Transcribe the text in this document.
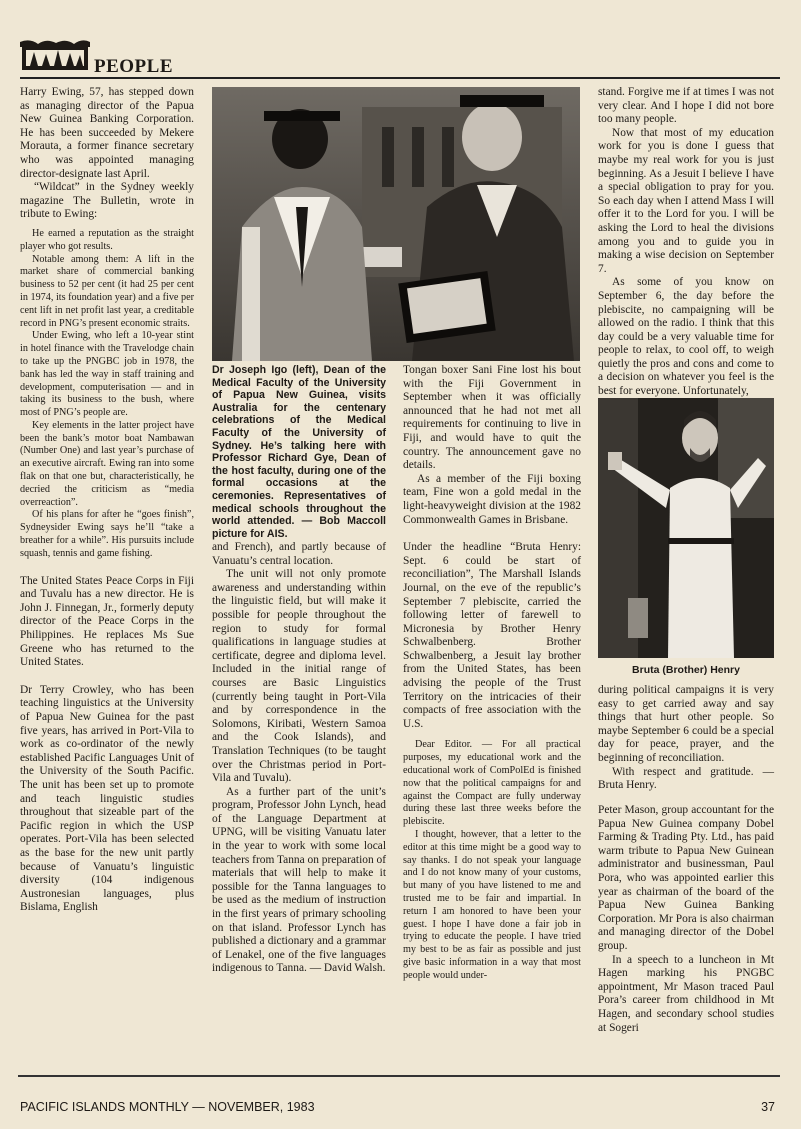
PEOPLE

Harry Ewing, 57, has stepped down as managing director of the Papua New Guinea Banking Corporation. He has been succeeded by Mekere Morauta, a former finance secretary who was appointed managing director-designate last April.

“Wildcat” in the Sydney weekly magazine The Bulletin, wrote in tribute to Ewing:

He earned a reputation as the straight player who got results.

Notable among them: A lift in the market share of commercial banking business to 52 per cent (it had 25 per cent in 1974, its foundation year) and a five per cent lift in net profit last year, a creditable record in PNG’s present economic straits.

Under Ewing, who left a 10-year stint in hotel finance with the Travelodge chain to take up the PNGBC job in 1978, the bank has led the way in staff training and development, computerisation — and in taking its business to the bush, where most of PNG’s people are.

Key elements in the latter project have been the bank’s motor boat Nambawan (Number One) and last year’s purchase of an executive aircraft. Ewing ran into some flak on that one but, characteristically, he decried the criticism as “media overreaction”.

Of his plans for after he “goes finish”, Sydneysider Ewing says he’ll “take a breather for a while”. His pursuits include squash, tennis and game fishing.

The United States Peace Corps in Fiji and Tuvalu has a new director. He is John J. Finnegan, Jr., formerly deputy director of the Peace Corps in the Philippines. He replaces Ms Sue Greene who has returned to the United States.

Dr Terry Crowley, who has been teaching linguistics at the University of Papua New Guinea for the past five years, has arrived in Port-Vila to work as co-ordinator of the newly established Pacific Languages Unit of the University of the South Pacific. The unit has been set up to promote and teach linguistic studies throughout that sizeable part of the Pacific region in which the USP operates. Port-Vila has been selected as the base for the new unit partly because of Vanuatu’s linguistic diversity (104 indigenous Austronesian languages, plus Bislama, English

Dr Joseph Igo (left), Dean of the Medical Faculty of the University of Papua New Guinea, visits Australia for the centenary celebrations of the Medical Faculty of the University of Sydney. He’s talking here with Professor Richard Gye, Dean of the host faculty, during one of the formal occasions at the ceremonies. Representatives of medical schools throughout the world attended. — Bob Maccoll picture for AIS.

and French), and partly because of Vanuatu’s central location.

The unit will not only promote awareness and understanding within the linguistic field, but will make it possible for people throughout the region to study for formal qualifications in language studies at certificate, degree and diploma level. Included in the initial range of courses are Basic Linguistics (currently being taught in Port-Vila and by correspondence in the Solomons, Kiribati, Western Samoa and the Cook Islands), and Translation Techniques (to be taught over the Christmas period in Port-Vila and Tuvalu).

As a further part of the unit’s program, Professor John Lynch, head of the Language Department at UPNG, will be visiting Vanuatu later in the year to work with some local teachers from Tanna on preparation of materials that will help to make it possible for the Tanna languages to be used as the medium of instruction in the first years of primary schooling on that island. Professor Lynch has published a dictionary and a grammar of Lenakel, one of the five languages indigenous to Tanna. — David Walsh.

Tongan boxer Sani Fine lost his bout with the Fiji Government in September when it was officially announced that he had not met all requirements for continuing to live in Fiji, and would have to quit the country. The announcement gave no details.

As a member of the Fiji boxing team, Fine won a gold medal in the light-heavyweight division at the 1982 Commonwealth Games in Brisbane.

Under the headline “Bruta Henry: Sept. 6 could be start of reconciliation”, The Marshall Islands Journal, on the eve of the republic’s September 7 plebiscite, carried the following letter of farewell to Micronesia by Brother Henry Schwalbenberg. Brother Schwalbenberg, a Jesuit lay brother from the United States, has been advising the people of the Trust Territory on the intricacies of their compacts of free association with the U.S.

Dear Editor. — For all practical purposes, my educational work and the educational work of ComPolEd is finished now that the political campaigns for and against the Compact are fully underway during these last three weeks before the plebiscite.

I thought, however, that a letter to the editor at this time might be a good way to say thanks. I do not speak your language and I do not know many of your customs, but many of you have listened to me and trusted me to be fair and impartial. In return I am honored to have been your guest. I hope I have done a fair job in trying to educate the people. I have tried my best to be as fair as possible and just give basic information in a way that most people would under-

stand. Forgive me if at times I was not very clear. And I hope I did not bore too many people.

Now that most of my education work for you is done I guess that maybe my real work for you is just beginning. As a Jesuit I believe I have a special obligation to pray for you. So each day when I attend Mass I will offer it to the Lord for you. I will be asking the Lord to heal the divisions among you and to guide you in making a wise decision on September 7.

As some of you know on September 6, the day before the plebiscite, no campaigning will be allowed on the radio. I think that this day could be a very valuable time for people to relax, to cool off, to weigh quietly the pros and cons and come to a decision on whatever you feel is the best for everyone. Unfortunately,

Bruta (Brother) Henry

during political campaigns it is very easy to get carried away and say things that hurt other people. So maybe September 6 could be a special day for peace, prayer, and the beginning of reconciliation.

With respect and gratitude. — Bruta Henry.

Peter Mason, group accountant for the Papua New Guinea company Dobel Farming & Trading Pty. Ltd., has paid warm tribute to Papua New Guinean administrator and businessman, Paul Pora, who was appointed earlier this year as chairman of the board of the Papua New Guinea Banking Corporation. Mr Pora is also chairman and managing director of the Dobel group.

In a speech to a luncheon in Mt Hagen marking his PNGBC appointment, Mr Mason traced Paul Pora’s career from childhood in Mt Hagen, and secondary school studies at Sogeri

PACIFIC ISLANDS MONTHLY — NOVEMBER, 1983	37
